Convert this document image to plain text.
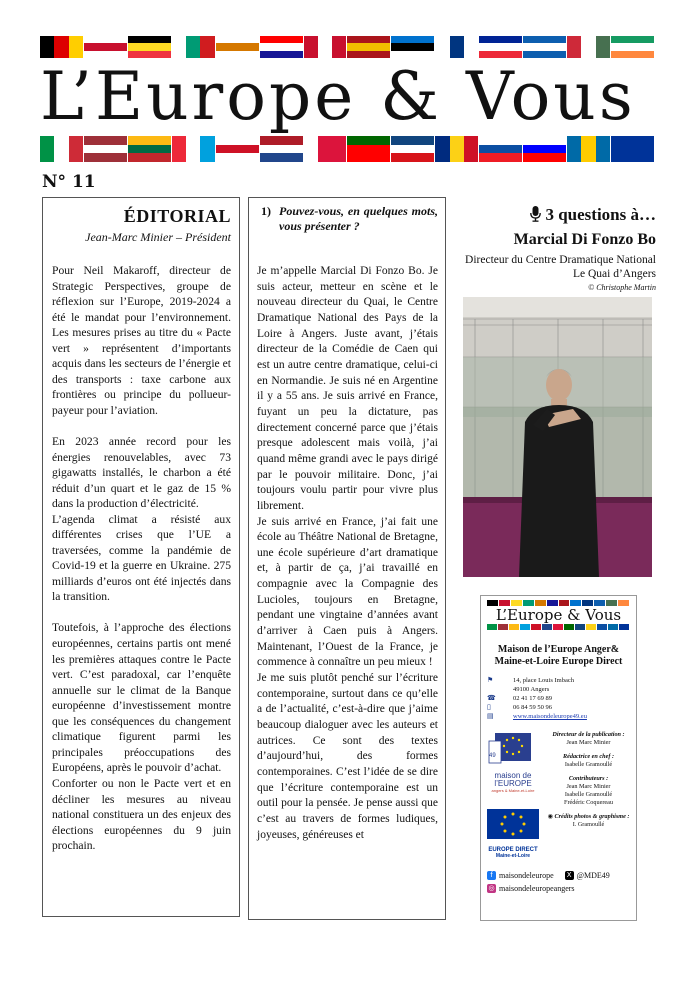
L’Europe & Vous
N° 11
ÉDITORIAL
Jean-Marc Minier – Président

Pour Neil Makaroff, directeur de Strategic Perspectives, groupe de réflexion sur l’Europe, 2019-2024 a été le mandat pour l’environnement. Les mesures prises au titre du « Pacte vert » représentent d’importants acquis dans les secteurs de l’énergie et des transports : taxe carbone aux frontières ou principe du pollueur-payeur pour l’aviation.

En 2023 année record pour les énergies renouvelables, avec 73 gigawatts installés, le charbon a été réduit d’un quart et le gaz de 15 % dans la production d’électricité.

L’agenda climat a résisté aux différentes crises que l’UE a traversées, comme la pandémie de Covid-19 et la guerre en Ukraine. 275 milliards d’euros ont été injectés dans la transition.

Toutefois, à l’approche des élections européennes, certains partis ont mené les premières attaques contre le Pacte vert. C’est paradoxal, car l’enquête annuelle sur le climat de la Banque européenne d’investissement montre que les conséquences du changement climatique figurent parmi les principales préoccupations des Européens, après le pouvoir d’achat.

Conforter ou non le Pacte vert et en décliner les mesures au niveau national constituera un des enjeux des élections européennes du 9 juin prochain.

1) Pouvez-vous, en quelques mots, vous présenter ?

Je m’appelle Marcial Di Fonzo Bo. Je suis acteur, metteur en scène et le nouveau directeur du Quai, le Centre Dramatique National des Pays de la Loire à Angers. Juste avant, j’étais directeur de la Comédie de Caen qui est un autre centre dramatique, celui-ci en Normandie. Je suis né en Argentine il y a 55 ans. Je suis arrivé en France, fuyant un peu la dictature, pas directement concerné parce que j’étais presque adolescent mais voilà, j’ai quand même grandi avec le pays dirigé par le pouvoir militaire. Donc, j’ai toujours voulu partir pour vivre plus librement.

Je suis arrivé en France, j’ai fait une école au Théâtre National de Bretagne, une école supérieure d’art dramatique et, à partir de ça, j’ai travaillé en compagnie avec la Compagnie des Lucioles, toujours en Bretagne, pendant une vingtaine d’années avant d’arriver à Caen puis à Angers. Maintenant, l’Ouest de la France, je commence à connaître un peu mieux !

Je me suis plutôt penché sur l’écriture contemporaine, surtout dans ce qu’elle a de l’actualité, c’est-à-dire que j’aime beaucoup dialoguer avec les auteurs et autrices. Ce sont des textes d’aujourd’hui, des formes contemporaines. C’est l’idée de se dire que l’écriture contemporaine est un outil pour la pensée. Je pense aussi que c’est au travers de formes ludiques, joyeuses, généreuses et

3 questions à…
Marcial Di Fonzo Bo
Directeur du Centre Dramatique National Le Quai d’Angers
© Christophe Martin
L’Europe & Vous
Maison de l’Europe Anger& Maine-et-Loire Europe Direct
⚑	14, place Louis Imbach
49100 Angers
☎	02 41 17 69 89
▯	06 84 59 50 96
▤	www.maisondeleurope49.eu
49
maison de l’EUROPE
angers & Maine-et-Loire
EUROPE DIRECT
Maine-et-Loire
Directeur de la publication :
Jean Marc Minier
Rédactrice en chef :
Isabelle Gramoullé
Contributeurs :
Jean Marc Minier
Isabelle Gramoullé
Frédéric Coquereau
◉ Crédits photos & graphisme :
I. Gramoullé
f maisondeleurope X @MDE49
◎ maisondeleuropeangers
